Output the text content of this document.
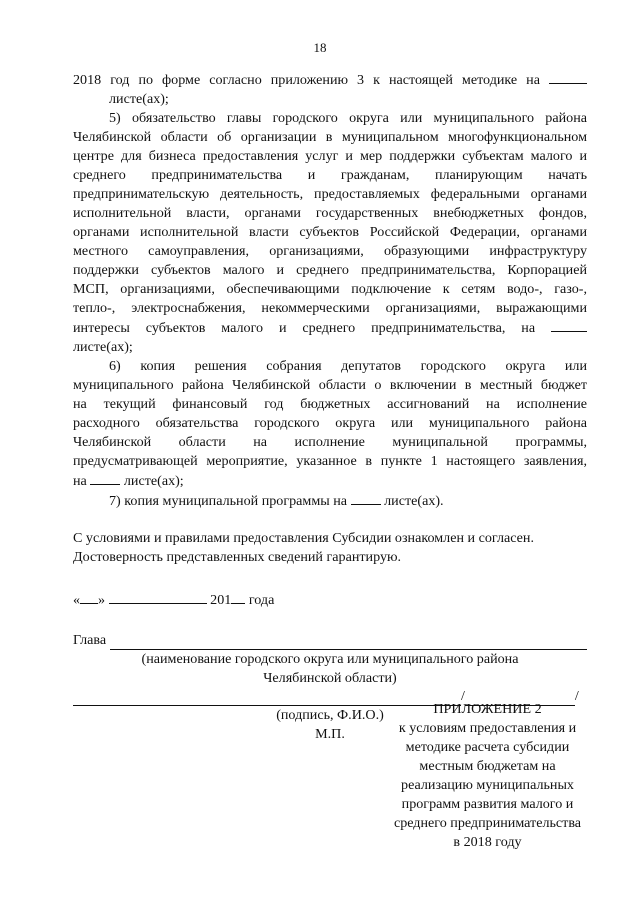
18

2018 год по форме согласно приложению 3 к настоящей методике на

листе(ах);

5) обязательство главы городского округа или муниципального района

Челябинской области об организации в муниципальном многофункциональном

центре для бизнеса предоставления услуг и мер поддержки субъектам малого и

среднего предпринимательства и гражданам, планирующим начать

предпринимательскую деятельность, предоставляемых федеральными органами

исполнительной власти, органами государственных внебюджетных фондов,

органами исполнительной власти субъектов Российской Федерации, органами

местного самоуправления, организациями, образующими инфраструктуру

поддержки субъектов малого и среднего предпринимательства, Корпорацией

МСП, организациями, обеспечивающими подключение к сетям водо-, газо-,

тепло-, электроснабжения, некоммерческими организациями, выражающими

интересы субъектов малого и среднего предпринимательства, на

листе(ах);

6) копия решения собрания депутатов городского округа или

муниципального района Челябинской области о включении в местный бюджет

на текущий финансовый год бюджетных ассигнований на исполнение

расходного обязательства городского округа или муниципального района

Челябинской области на исполнение муниципальной программы,

предусматривающей мероприятие, указанное в пункте 1 настоящего заявления,

на	листе(ах);

7) копия муниципальной программы на	листе(ах).

С условиями и правилами предоставления Субсидии ознакомлен и согласен.

Достоверность представленных сведений гарантирую.

« »	201 года

Глава

(наименование городского округа или муниципального района

Челябинской области)

/	/

(подпись, Ф.И.О.)

М.П.

ПРИЛОЖЕНИЕ 2

к условиям предоставления и

методике расчета субсидии

местным бюджетам на

реализацию муниципальных

программ развития малого и

среднего предпринимательства

в 2018 году
